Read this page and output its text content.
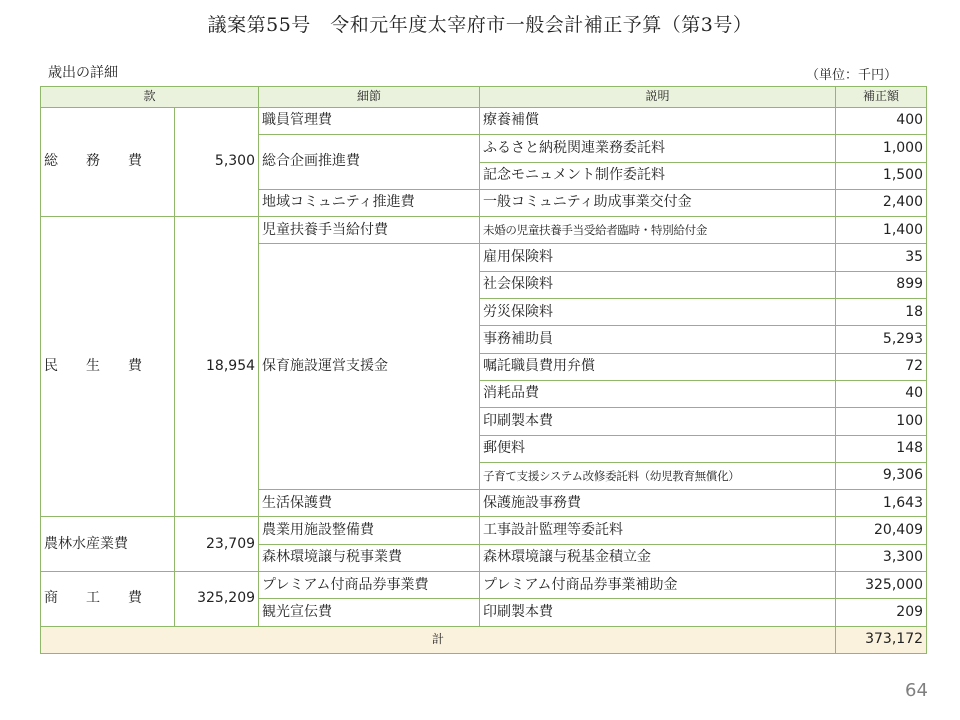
議案第55号　令和元年度太宰府市一般会計補正予算（第3号）
歳出の詳細	（単位：千円）
款		細節	説明	補正額
総　　務　　費	5,300	職員管理費	療養補償	400
		総合企画推進費	ふるさと納税関連業務委託料	1,000
			記念モニュメント制作委託料	1,500
		地域コミュニティ推進費	一般コミュニティ助成事業交付金	2,400
民　　生　　費	18,954	児童扶養手当給付費	未婚の児童扶養手当受給者臨時・特別給付金	1,400
		保育施設運営支援金	雇用保険料	35
			社会保険料	899
			労災保険料	18
			事務補助員	5,293
			嘱託職員費用弁償	72
			消耗品費	40
			印刷製本費	100
			郵便料	148
			子育て支援システム改修委託料（幼児教育無償化）	9,306
		生活保護費	保護施設事務費	1,643
農林水産業費	23,709	農業用施設整備費	工事設計監理等委託料	20,409
		森林環境譲与税事業費	森林環境譲与税基金積立金	3,300
商　　工　　費	325,209	プレミアム付商品券事業費	プレミアム付商品券事業補助金	325,000
		観光宣伝費	印刷製本費	209
計				373,172
64
